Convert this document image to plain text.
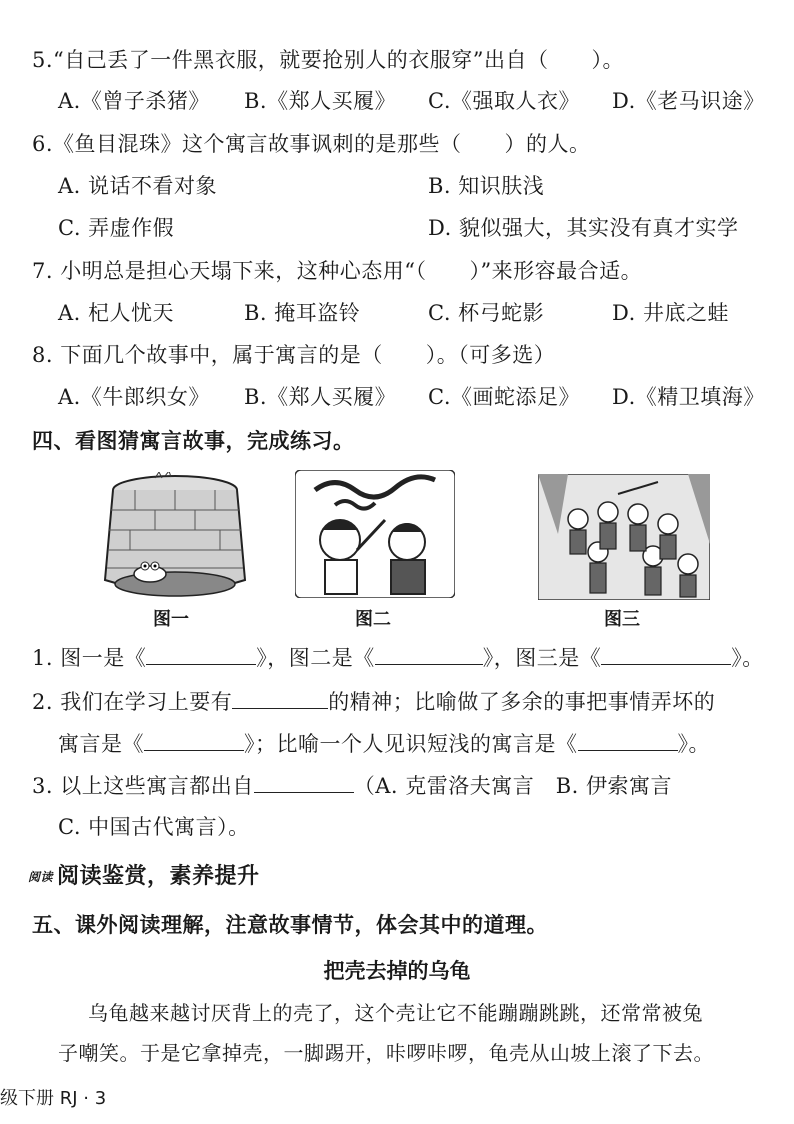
5.“自己丢了一件黑衣服，就要抢别人的衣服穿”出自（　　）。
A.《曾子杀猪》 B.《郑人买履》 C.《强取人衣》 D.《老马识途》
6.《鱼目混珠》这个寓言故事讽刺的是那些（　　）的人。
A. 说话不看对象	B. 知识肤浅
C. 弄虚作假	D. 貌似强大，其实没有真才实学
7. 小明总是担心天塌下来，这种心态用“（　　）”来形容最合适。
A. 杞人忧天	B. 掩耳盗铃	C. 杯弓蛇影	D. 井底之蛙
8. 下面几个故事中，属于寓言的是（　　）。（可多选）
A.《牛郎织女》 B.《郑人买履》 C.《画蛇添足》 D.《精卫填海》
四、看图猜寓言故事，完成练习。
图一	图二	图三
1. 图一是《	》，图二是《	》，图三是《	》。
2. 我们在学习上要有	的精神；比喻做了多余的事把事情弄坏的
寓言是《	》；比喻一个人见识短浅的寓言是《	》。
3. 以上这些寓言都出自	（A. 克雷洛夫寓言　B. 伊索寓言
C. 中国古代寓言）。
阅读 阅读鉴赏，素养提升
五、课外阅读理解，注意故事情节，体会其中的道理。
把壳去掉的乌龟
乌龟越来越讨厌背上的壳了，这个壳让它不能蹦蹦跳跳，还常常被兔
子嘲笑。于是它拿掉壳，一脚踢开，咔啰咔啰，龟壳从山坡上滚了下去。
级下册 RJ · 3
